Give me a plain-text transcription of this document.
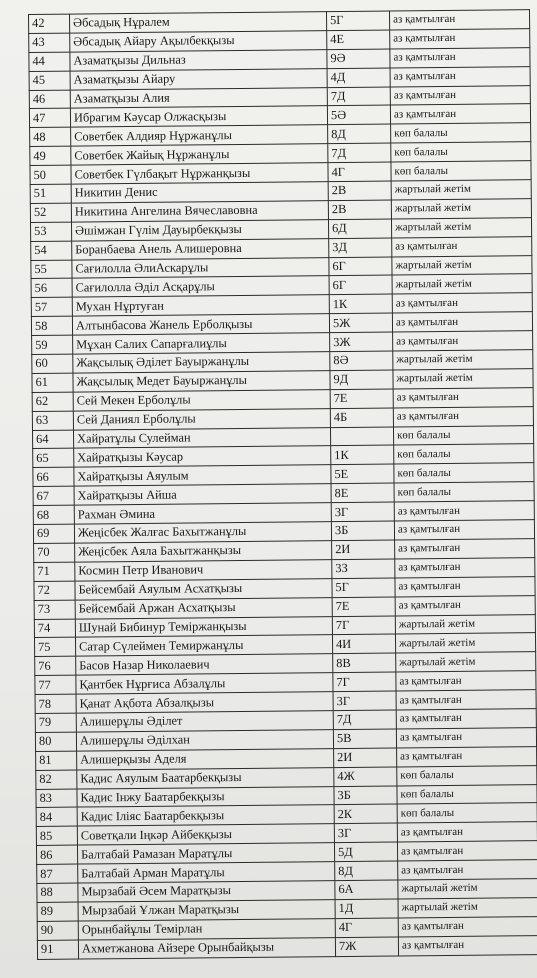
42	Әбсадық Нұралем	5Г	аз қамтылған
43	Әбсадық Айару Ақылбекқызы	4Е	аз қамтылған
44	Азаматқызы Дильназ	9Ә	аз қамтылған
45	Азаматқызы Айару	4Д	аз қамтылған
46	Азаматқызы Алия	7Д	аз қамтылған
47	Ибрагим Кәусар Олжасқызы	5Ә	аз қамтылған
48	Советбек Алдияр Нұржанұлы	8Д	көп балалы
49	Советбек Жайық Нұржанұлы	7Д	көп балалы
50	Советбек Гүлбақыт Нұржанқызы	4Г	көп балалы
51	Никитин Денис	2В	жартылай жетім
52	Никитина Ангелина Вячеславовна	2В	жартылай жетім
53	Әшімжан Гүлім Дауырбекқызы	6Д	жартылай жетім
54	Боранбаева Анель Алишеровна	3Д	аз қамтылған
55	Сағилолла ӘлиАскарұлы	6Г	жартылай жетім
56	Сағилолла Әділ Асқарұлы	6Г	жартылай жетім
57	Мухан Нұртуған	1К	аз қамтылған
58	Алтынбасова Жанель Ерболқызы	5Ж	аз қамтылған
59	Мұхан Салих Сапарғалиұлы	3Ж	аз қамтылған
60	Жақсылық Әділет Бауыржанұлы	8Ә	жартылай жетім
61	Жақсылық Медет Бауыржанұлы	9Д	жартылай жетім
62	Сей Мекен Ерболұлы	7Е	аз қамтылған
63	Сей Даниял Ерболұлы	4Б	аз қамтылған
64	Хайратұлы Сулейман		көп балалы
65	Хайратқызы Кәусар	1К	көп балалы
66	Хайратқызы Аяулым	5Е	көп балалы
67	Хайратқызы Айша	8Е	көп балалы
68	Рахман Әмина	3Г	аз қамтылған
69	Жеңісбек Жалғас Бахытжанұлы	3Б	аз қамтылған
70	Жеңісбек Аяла Бахытжанқызы	2И	аз қамтылған
71	Космин Петр Иванович	3З	аз қамтылған
72	Бейсембай Аяулым Асхатқызы	5Г	аз қамтылған
73	Бейсембай Аржан Асхатқызы	7Е	аз қамтылған
74	Шунай Бибинур Теміржанқызы	7Г	жартылай жетім
75	Сатар Сүлеймен Темиржанұлы	4И	жартылай жетім
76	Басов Назар Николаевич	8В	жартылай жетім
77	Қантбек Нұрғиса Абзалұлы	7Г	аз қамтылған
78	Қанат Ақбота Абзалқызы	3Г	аз қамтылған
79	Алишерұлы Әділет	7Д	аз қамтылған
80	Алишерұлы Әділхан	5В	аз қамтылған
81	Алишерқызы Аделя	2И	аз қамтылған
82	Кадис Аяулым Баатарбекқызы	4Ж	көп балалы
83	Кадис Інжу Баатарбекқызы	3Б	көп балалы
84	Кадис Іліяс Баатарбекқызы	2К	көп балалы
85	Советқали Іңкәр Айбекқызы	3Г	аз қамтылған
86	Балтабай Рамазан Маратұлы	5Д	аз қамтылған
87	Балтабай Арман Маратұлы	8Д	аз қамтылған
88	Мырзабай Әсем Маратқызы	6А	жартылай жетім
89	Мырзабай Ұлжан Маратқызы	1Д	жартылай жетім
90	Орынбайұлы Темірлан	4Г	аз қамтылған
91	Ахметжанова Айзере Орынбайқызы	7Ж	аз қамтылған
